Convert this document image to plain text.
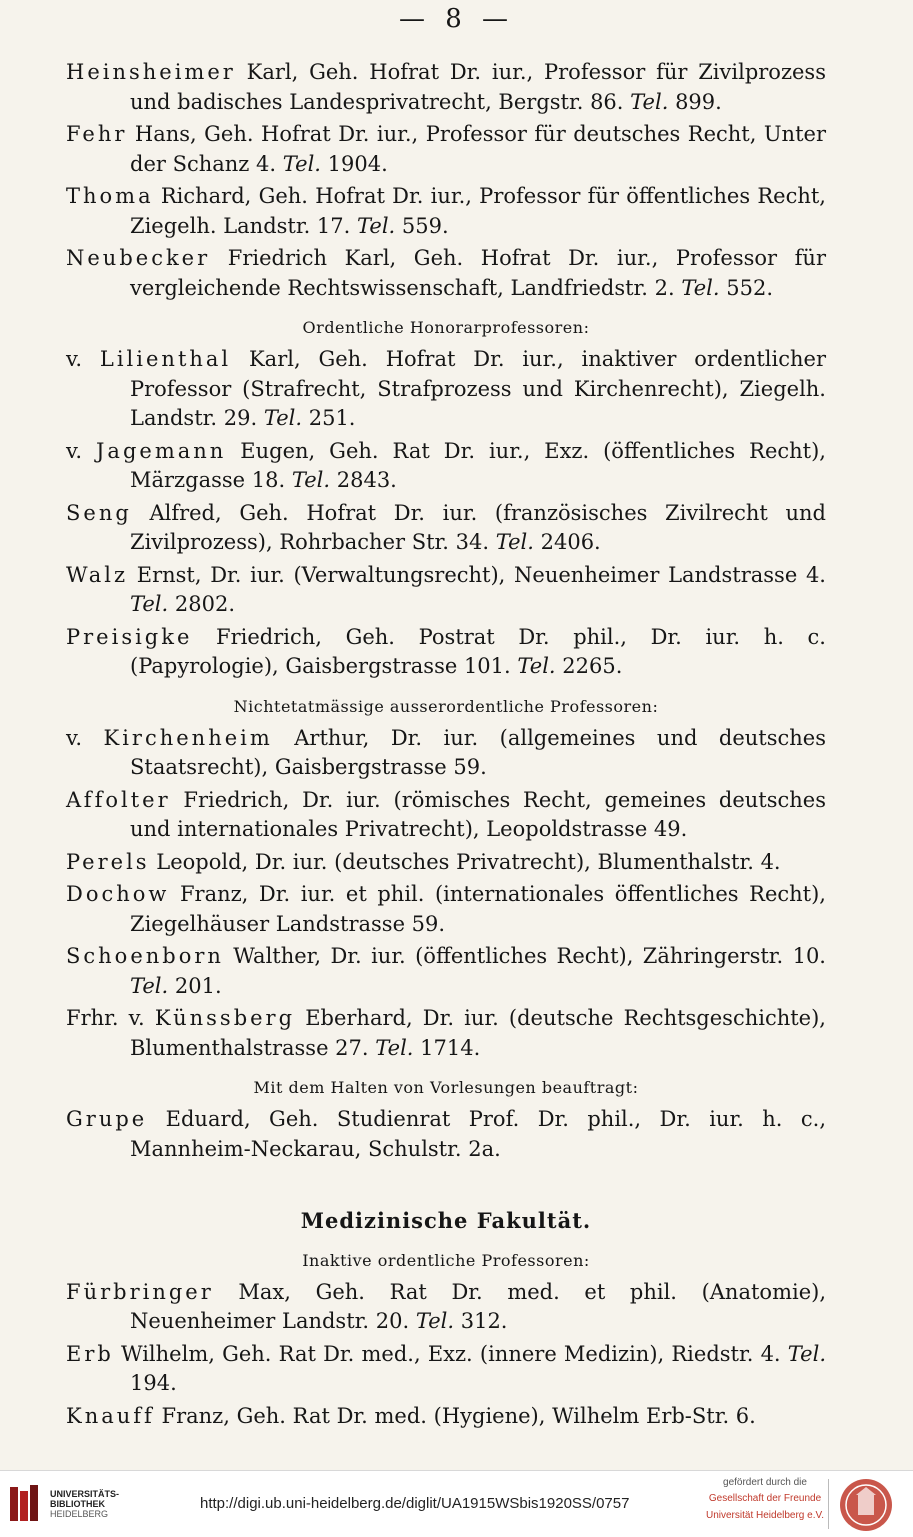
— 8 —

Heinsheimer Karl, Geh. Hofrat Dr. iur., Professor für Zivilprozess und badisches Landesprivatrecht, Bergstr. 86. Tel. 899.

Fehr Hans, Geh. Hofrat Dr. iur., Professor für deutsches Recht, Unter der Schanz 4. Tel. 1904.

Thoma Richard, Geh. Hofrat Dr. iur., Professor für öffentliches Recht, Ziegelh. Landstr. 17. Tel. 559.

Neubecker Friedrich Karl, Geh. Hofrat Dr. iur., Professor für vergleichende Rechtswissenschaft, Landfriedstr. 2. Tel. 552.

Ordentliche Honorarprofessoren:

v. Lilienthal Karl, Geh. Hofrat Dr. iur., inaktiver ordentlicher Professor (Strafrecht, Strafprozess und Kirchenrecht), Ziegelh. Landstr. 29. Tel. 251.

v. Jagemann Eugen, Geh. Rat Dr. iur., Exz. (öffentliches Recht), Märzgasse 18. Tel. 2843.

Seng Alfred, Geh. Hofrat Dr. iur. (französisches Zivilrecht und Zivilprozess), Rohrbacher Str. 34. Tel. 2406.

Walz Ernst, Dr. iur. (Verwaltungsrecht), Neuenheimer Landstrasse 4. Tel. 2802.

Preisigke Friedrich, Geh. Postrat Dr. phil., Dr. iur. h. c. (Papyrologie), Gaisbergstrasse 101. Tel. 2265.

Nichtetatmässige ausserordentliche Professoren:

v. Kirchenheim Arthur, Dr. iur. (allgemeines und deutsches Staatsrecht), Gaisbergstrasse 59.

Affolter Friedrich, Dr. iur. (römisches Recht, gemeines deutsches und internationales Privatrecht), Leopoldstrasse 49.

Perels Leopold, Dr. iur. (deutsches Privatrecht), Blumenthalstr. 4.

Dochow Franz, Dr. iur. et phil. (internationales öffentliches Recht), Ziegelhäuser Landstrasse 59.

Schoenborn Walther, Dr. iur. (öffentliches Recht), Zähringerstr. 10. Tel. 201.

Frhr. v. Künssberg Eberhard, Dr. iur. (deutsche Rechtsgeschichte), Blumenthalstrasse 27. Tel. 1714.

Mit dem Halten von Vorlesungen beauftragt:

Grupe Eduard, Geh. Studienrat Prof. Dr. phil., Dr. iur. h. c., Mannheim-Neckarau, Schulstr. 2a.

Medizinische Fakultät.
Inaktive ordentliche Professoren:

Fürbringer Max, Geh. Rat Dr. med. et phil. (Anatomie), Neuenheimer Landstr. 20. Tel. 312.

Erb Wilhelm, Geh. Rat Dr. med., Exz. (innere Medizin), Riedstr. 4. Tel. 194.

Knauff Franz, Geh. Rat Dr. med. (Hygiene), Wilhelm Erb-Str. 6.

UNIVERSITÄTS-
BIBLIOTHEK
HEIDELBERG
http://digi.ub.uni-heidelberg.de/diglit/UA1915WSbis1920SS/0757
gefördert durch die
Gesellschaft der Freunde
Universität Heidelberg e.V.
